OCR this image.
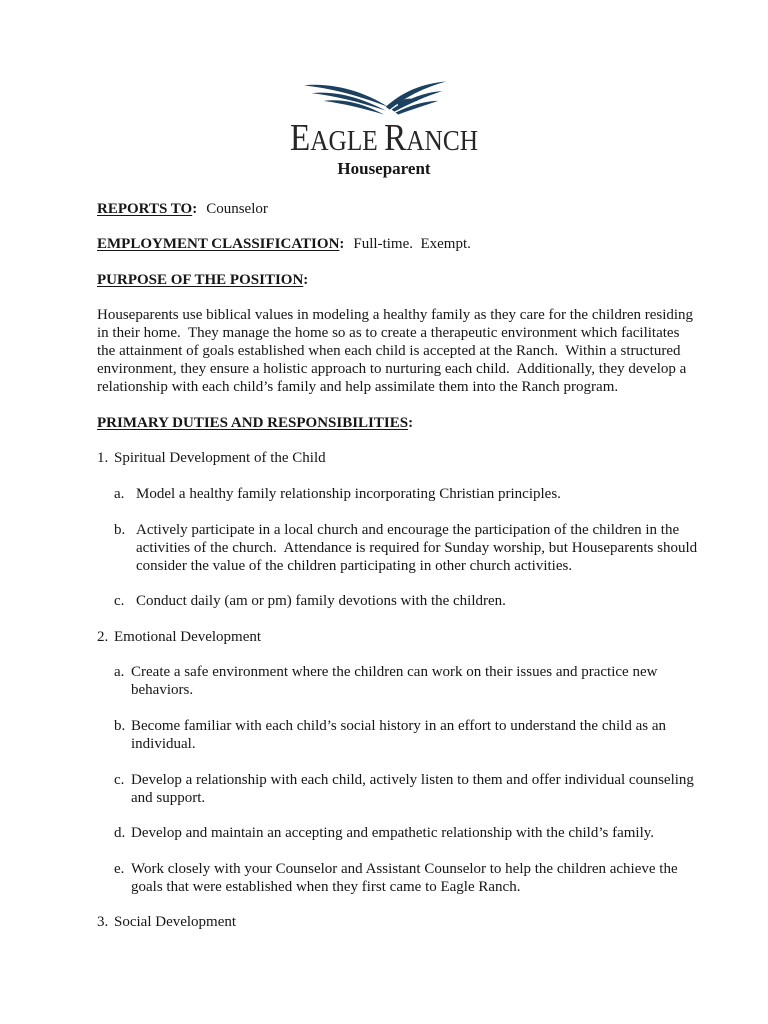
EAGLE RANCH
Houseparent
REPORTS TO: Counselor
EMPLOYMENT CLASSIFICATION: Full-time.  Exempt.
PURPOSE OF THE POSITION:
Houseparents use biblical values in modeling a healthy family as they care for the children residing
in their home.  They manage the home so as to create a therapeutic environment which facilitates
the attainment of goals established when each child is accepted at the Ranch.  Within a structured
environment, they ensure a holistic approach to nurturing each child.  Additionally, they develop a
relationship with each child’s family and help assimilate them into the Ranch program.
PRIMARY DUTIES AND RESPONSIBILITIES:
1. Spiritual Development of the Child
a. Model a healthy family relationship incorporating Christian principles.
b. Actively participate in a local church and encourage the participation of the children in the
activities of the church.  Attendance is required for Sunday worship, but Houseparents should
consider the value of the children participating in other church activities.
c. Conduct daily (am or pm) family devotions with the children.
2. Emotional Development
a. Create a safe environment where the children can work on their issues and practice new
behaviors.
b. Become familiar with each child’s social history in an effort to understand the child as an
individual.
c. Develop a relationship with each child, actively listen to them and offer individual counseling
and support.
d. Develop and maintain an accepting and empathetic relationship with the child’s family.
e. Work closely with your Counselor and Assistant Counselor to help the children achieve the
goals that were established when they first came to Eagle Ranch.
3. Social Development
